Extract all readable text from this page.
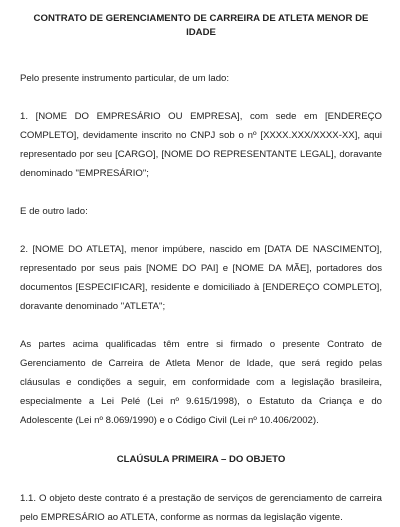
CONTRATO DE GERENCIAMENTO DE CARREIRA DE ATLETA MENOR DE IDADE

Pelo presente instrumento particular, de um lado:

1. [NOME DO EMPRESÁRIO OU EMPRESA], com sede em [ENDEREÇO COMPLETO], devidamente inscrito no CNPJ sob o nº [XXXX.XXX/XXXX-XX], aqui representado por seu [CARGO], [NOME DO REPRESENTANTE LEGAL], doravante denominado "EMPRESÁRIO";

E de outro lado:

2. [NOME DO ATLETA], menor impúbere, nascido em [DATA DE NASCIMENTO], representado por seus pais [NOME DO PAI] e [NOME DA MÃE], portadores dos documentos [ESPECIFICAR], residente e domiciliado à [ENDEREÇO COMPLETO], doravante denominado "ATLETA";

As partes acima qualificadas têm entre si firmado o presente Contrato de Gerenciamento de Carreira de Atleta Menor de Idade, que será regido pelas cláusulas e condições a seguir, em conformidade com a legislação brasileira, especialmente a Lei Pelé (Lei nº 9.615/1998), o Estatuto da Criança e do Adolescente (Lei nº 8.069/1990) e o Código Civil (Lei nº 10.406/2002).

CLAÚSULA PRIMEIRA – DO OBJETO

1.1. O objeto deste contrato é a prestação de serviços de gerenciamento de carreira pelo EMPRESÁRIO ao ATLETA, conforme as normas da legislação vigente.
